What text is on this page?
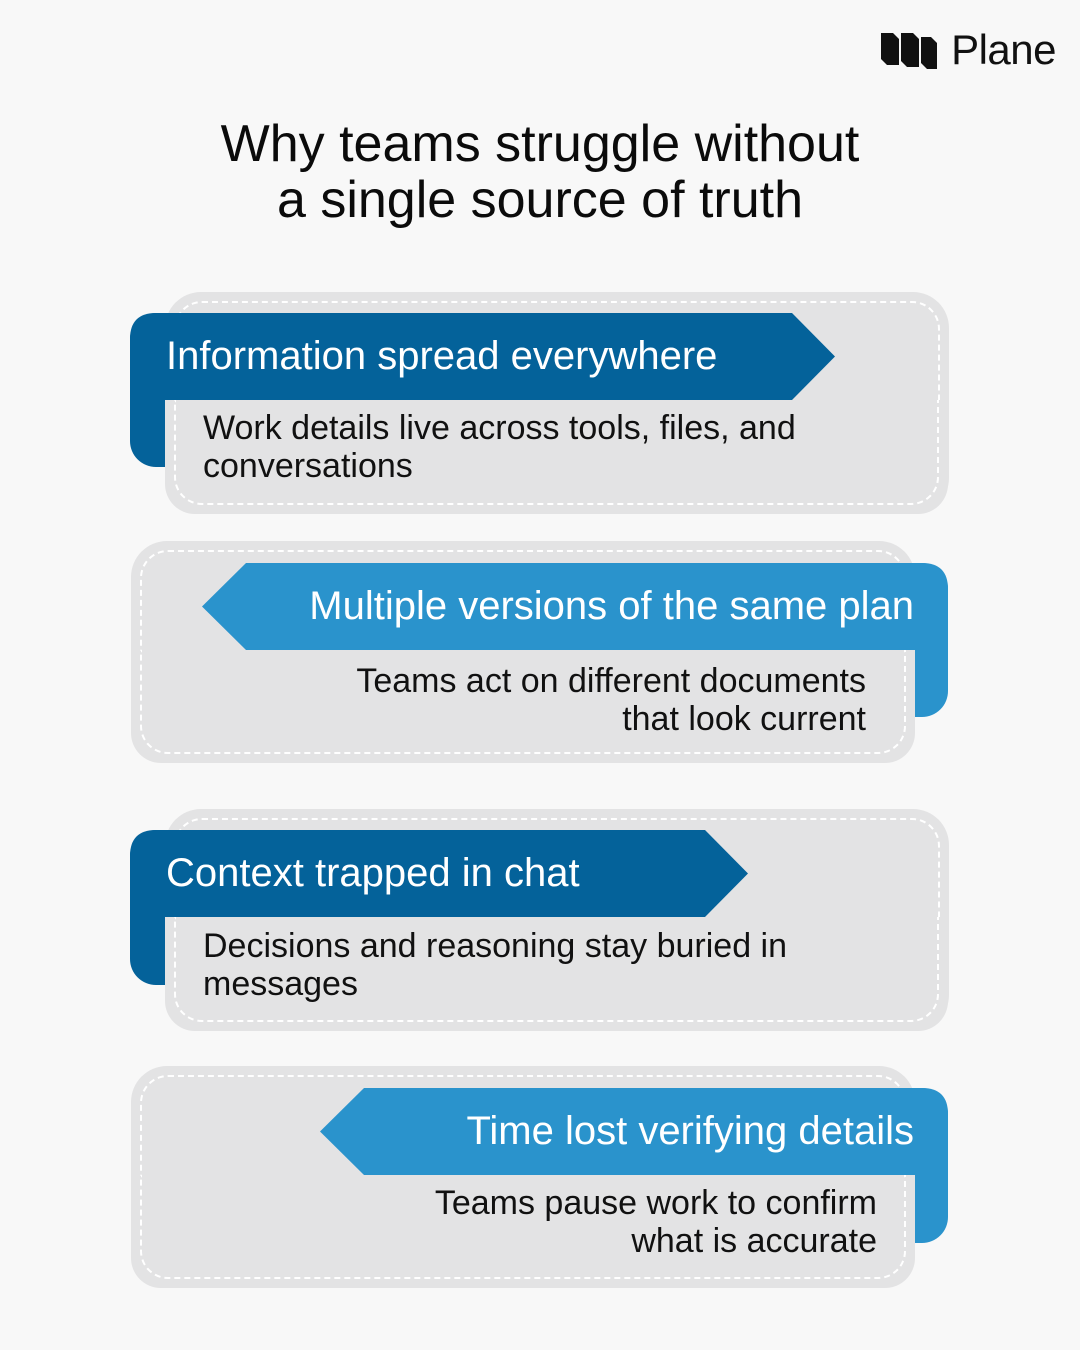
Plane
Why teams struggle without
a single source of truth
Information spread everywhere
Work details live across tools, files, and
conversations
Multiple versions of the same plan
Teams act on different documents
that look current
Context trapped in chat
Decisions and reasoning stay buried in
messages
Time lost verifying details
Teams pause work to confirm
what is accurate
